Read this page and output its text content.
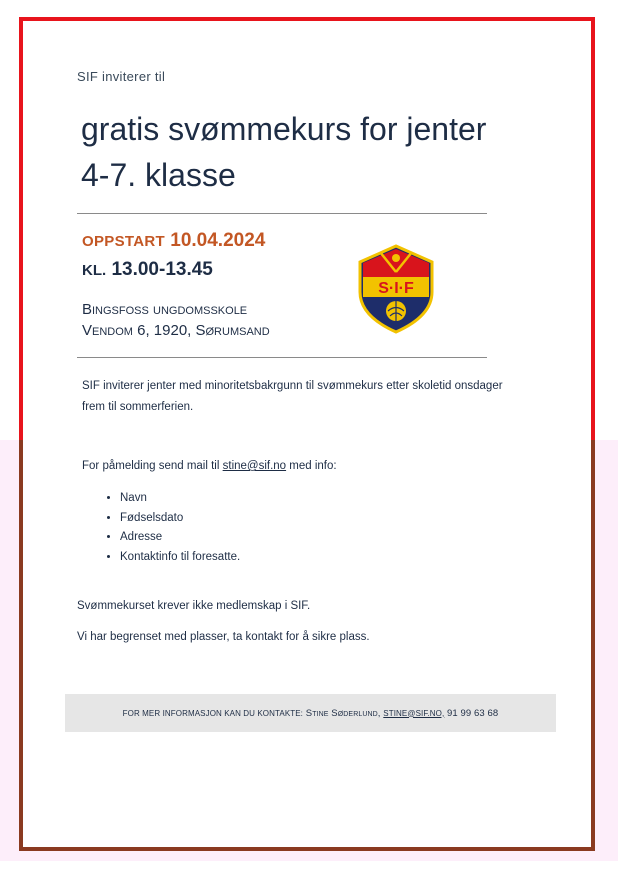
SIF inviterer til
gratis svømmekurs for jenter 4-7. klasse
OPPSTART 10.04.2024
KL. 13.00-13.45
Bingsfoss ungdomsskole
Vendom 6, 1920, Sørumsand
S·I·F
SIF inviterer jenter med minoritetsbakrgunn til svømmekurs etter skoletid onsdager frem til sommerferien.
For påmelding send mail til stine@sif.no med info:
• Navn
• Fødselsdato
• Adresse
• Kontaktinfo til foresatte.
Svømmekurset krever ikke medlemskap i SIF.
Vi har begrenset med plasser, ta kontakt for å sikre plass.
FOR MER INFORMASJON KAN DU KONTAKTE:
Stine Søderlund,
STINE@SIF.NO,
91 99 63 68
